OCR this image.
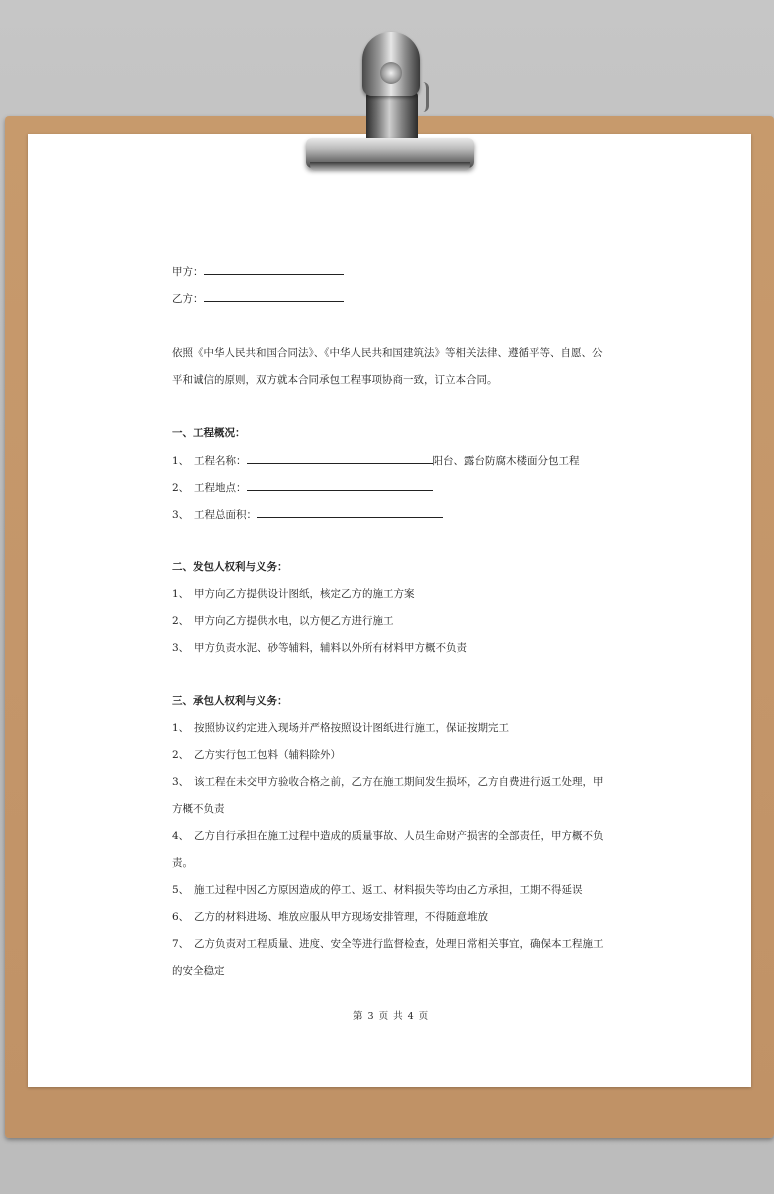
甲方：
乙方：
依照《中华人民共和国合同法》、《中华人民共和国建筑法》等相关法律、遵循平等、自愿、公
平和诚信的原则，双方就本合同承包工程事项协商一致，订立本合同。
一、工程概况：
1、 工程名称：	阳台、露台防腐木楼面分包工程
2、 工程地点：
3、 工程总面积：
二、发包人权利与义务：
1、 甲方向乙方提供设计图纸，核定乙方的施工方案
2、 甲方向乙方提供水电，以方便乙方进行施工
3、 甲方负责水泥、砂等辅料，辅料以外所有材料甲方概不负责
三、承包人权利与义务：
1、 按照协议约定进入现场并严格按照设计图纸进行施工，保证按期完工
2、 乙方实行包工包料（辅料除外）
3、 该工程在未交甲方验收合格之前，乙方在施工期间发生损坏，乙方自费进行返工处理，甲
方概不负责
4、 乙方自行承担在施工过程中造成的质量事故、人员生命财产损害的全部责任，甲方概不负
责。
5、 施工过程中因乙方原因造成的停工、返工、材料损失等均由乙方承担，工期不得延误
6、 乙方的材料进场、堆放应服从甲方现场安排管理，不得随意堆放
7、 乙方负责对工程质量、进度、安全等进行监督检查，处理日常相关事宜，确保本工程施工
的安全稳定
第 3 页 共 4 页
